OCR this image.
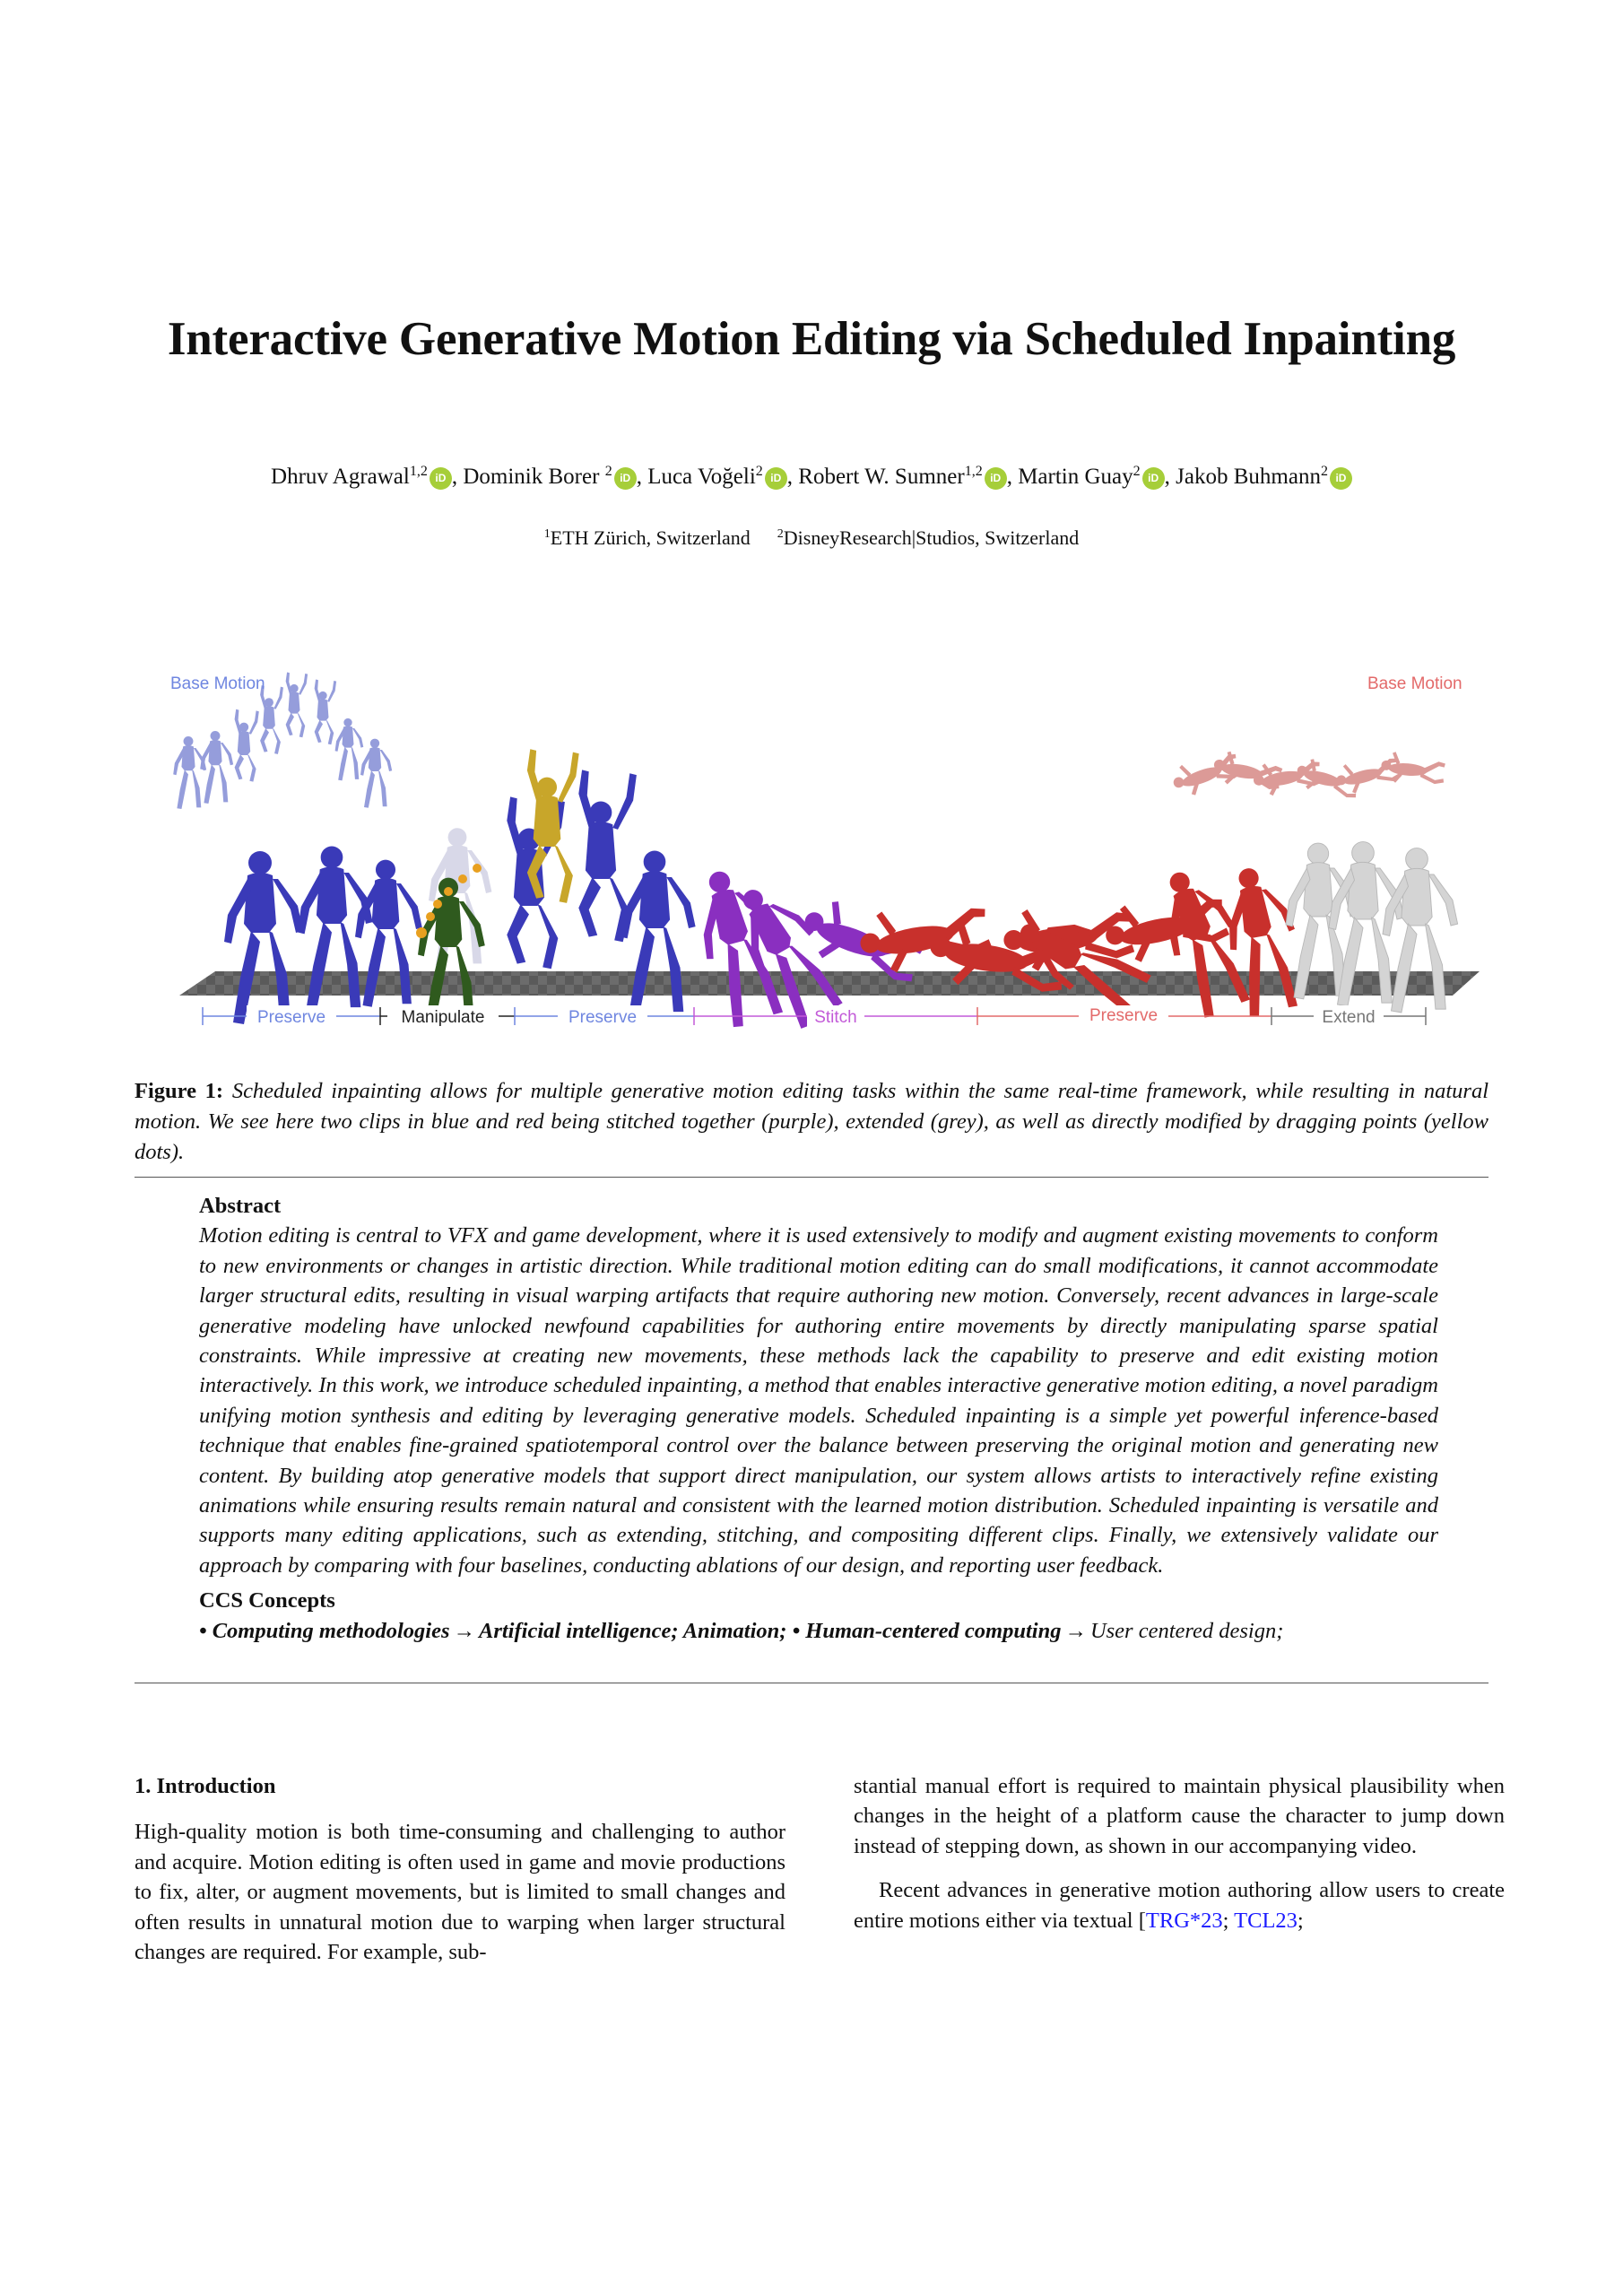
Interactive Generative Motion Editing via Scheduled Inpainting
Dhruv Agrawal$^{1,2}$ iD , Dominik Borer $^2$ iD , Luca Voğeli$^2$ iD , Robert W. Sumner$^{1,2}$ iD , Martin Guay$^2$ iD , Jakob Buhmann$^2$ iD
$^1$ETH Zürich, Switzerland $^2$DisneyResearch|Studios, Switzerland
Base Motion	Base Motion
Preserve	Manipulate	Preserve	Stitch	Preserve	Extend
Figure 1: Scheduled inpainting allows for multiple generative motion editing tasks within the same real-time framework, while resulting in natural motion. We see here two clips in blue and red being stitched together (purple), extended (grey), as well as directly modified by dragging points (yellow dots).
Abstract
Motion editing is central to VFX and game development, where it is used extensively to modify and augment existing movements to conform to new environments or changes in artistic direction. While traditional motion editing can do small modifications, it cannot accommodate larger structural edits, resulting in visual warping artifacts that require authoring new motion. Conversely, recent advances in large-scale generative modeling have unlocked newfound capabilities for authoring entire movements by directly manipulating sparse spatial constraints. While impressive at creating new movements, these methods lack the capability to preserve and edit existing motion interactively. In this work, we introduce scheduled inpainting, a method that enables interactive generative motion editing, a novel paradigm unifying motion synthesis and editing by leveraging generative models. Scheduled inpainting is a simple yet powerful inference-based technique that enables fine-grained spatiotemporal control over the balance between preserving the original motion and generating new content. By building atop generative models that support direct manipulation, our system allows artists to interactively refine existing animations while ensuring results remain natural and consistent with the learned motion distribution. Scheduled inpainting is versatile and supports many editing applications, such as extending, stitching, and compositing different clips. Finally, we extensively validate our approach by comparing with four baselines, conducting ablations of our design, and reporting user feedback.
CCS Concepts
• Computing methodologies → Artificial intelligence; Animation; • Human-centered computing → User centered design;
1. Introduction

High-quality motion is both time-consuming and challenging to author and acquire. Motion editing is often used in game and movie productions to fix, alter, or augment movements, but is limited to small changes and often results in unnatural motion due to warping when larger structural changes are required. For example, sub-

stantial manual effort is required to maintain physical plausibility when changes in the height of a platform cause the character to jump down instead of stepping down, as shown in our accompanying video.

Recent advances in generative motion authoring allow users to create entire motions either via textual [TRG*23; TCL23;
